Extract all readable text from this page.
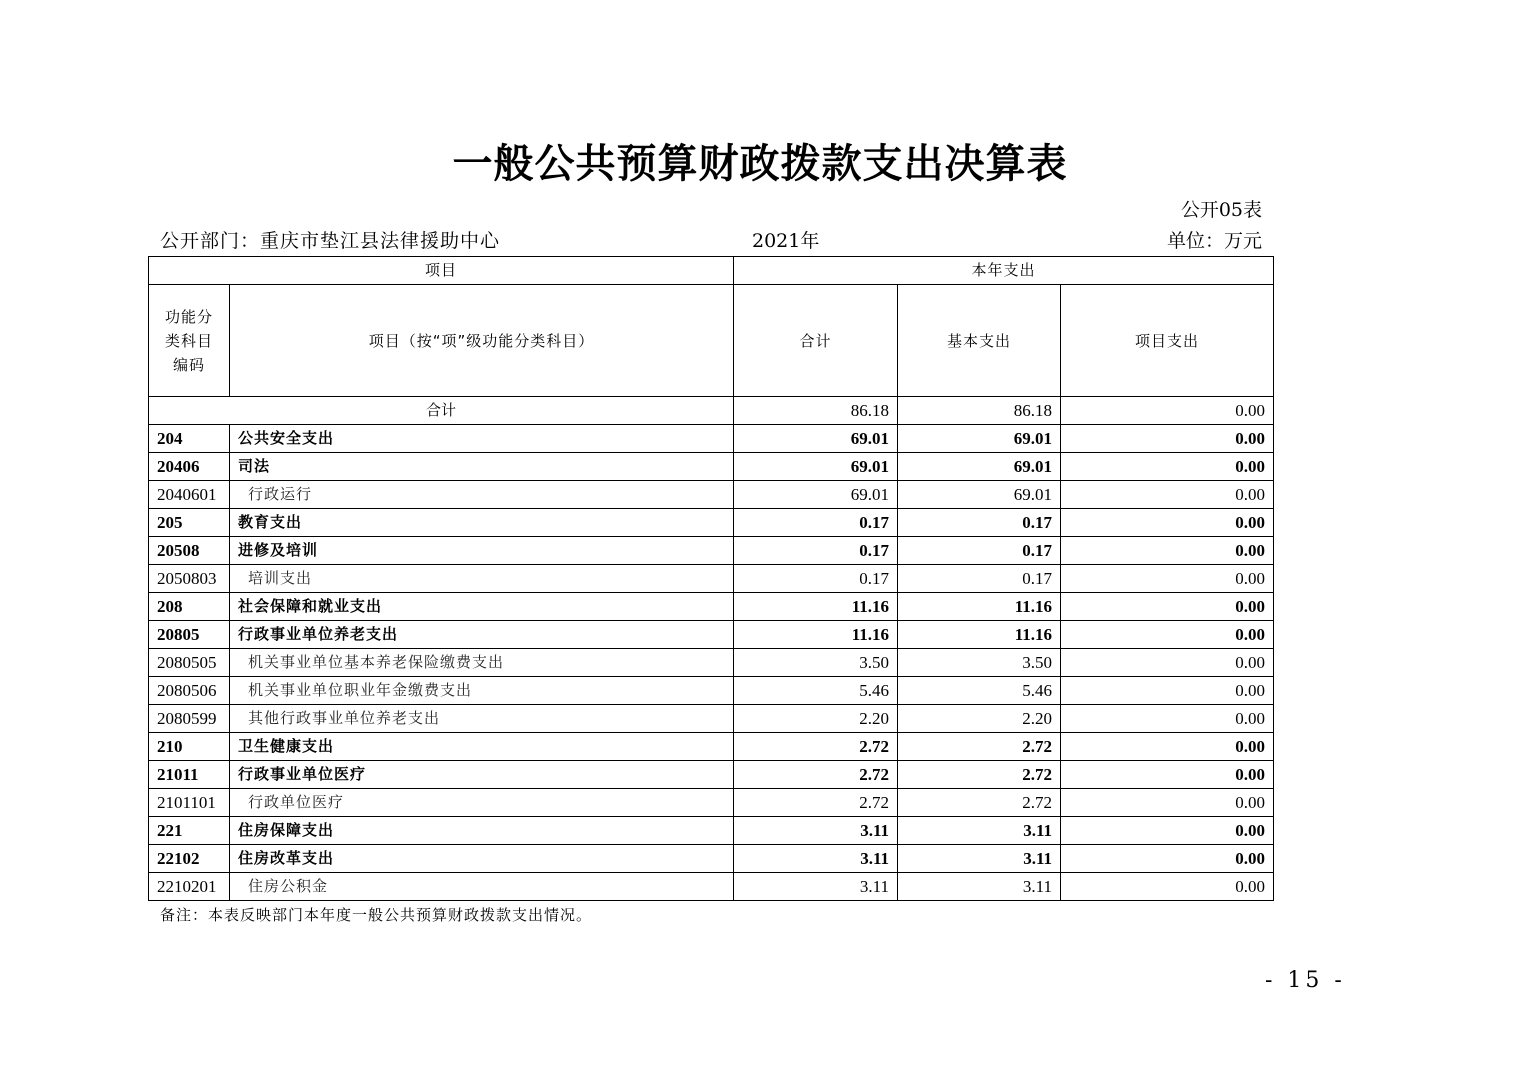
一般公共预算财政拨款支出决算表
公开05表
公开部门：重庆市垫江县法律援助中心	2021年	单位：万元
项目		本年支出		
功能分类科目编码	项目（按“项”级功能分类科目）	合计	基本支出	项目支出
合计		86.18	86.18	0.00
204	公共安全支出	69.01	69.01	0.00
20406	司法	69.01	69.01	0.00
2040601	行政运行	69.01	69.01	0.00
205	教育支出	0.17	0.17	0.00
20508	进修及培训	0.17	0.17	0.00
2050803	培训支出	0.17	0.17	0.00
208	社会保障和就业支出	11.16	11.16	0.00
20805	行政事业单位养老支出	11.16	11.16	0.00
2080505	机关事业单位基本养老保险缴费支出	3.50	3.50	0.00
2080506	机关事业单位职业年金缴费支出	5.46	5.46	0.00
2080599	其他行政事业单位养老支出	2.20	2.20	0.00
210	卫生健康支出	2.72	2.72	0.00
21011	行政事业单位医疗	2.72	2.72	0.00
2101101	行政单位医疗	2.72	2.72	0.00
221	住房保障支出	3.11	3.11	0.00
22102	住房改革支出	3.11	3.11	0.00
2210201	住房公积金	3.11	3.11	0.00
备注：本表反映部门本年度一般公共预算财政拨款支出情况。
- 15 -
